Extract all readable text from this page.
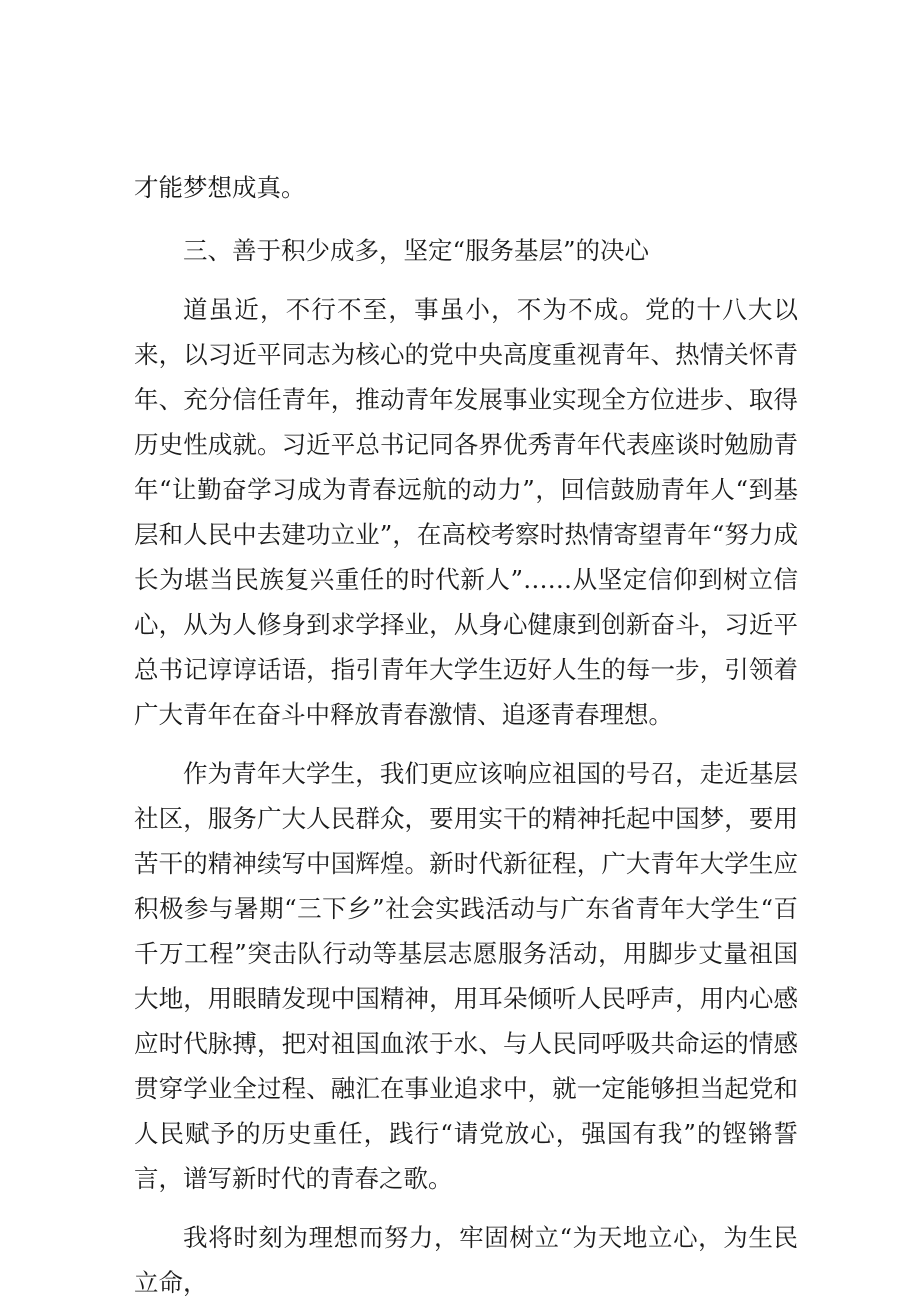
才能梦想成真。

三、善于积少成多，坚定“服务基层”的决心

道虽近，不行不至，事虽小，不为不成。党的十八大以来，以习近平同志为核心的党中央高度重视青年、热情关怀青年、充分信任青年，推动青年发展事业实现全方位进步、取得历史性成就。习近平总书记同各界优秀青年代表座谈时勉励青年“让勤奋学习成为青春远航的动力”，回信鼓励青年人“到基层和人民中去建功立业”，在高校考察时热情寄望青年“努力成长为堪当民族复兴重任的时代新人”……从坚定信仰到树立信心，从为人修身到求学择业，从身心健康到创新奋斗，习近平总书记谆谆话语，指引青年大学生迈好人生的每一步，引领着广大青年在奋斗中释放青春激情、追逐青春理想。

作为青年大学生，我们更应该响应祖国的号召，走近基层社区，服务广大人民群众，要用实干的精神托起中国梦，要用苦干的精神续写中国辉煌。新时代新征程，广大青年大学生应积极参与暑期“三下乡”社会实践活动与广东省青年大学生“百千万工程”突击队行动等基层志愿服务活动，用脚步丈量祖国大地，用眼睛发现中国精神，用耳朵倾听人民呼声，用内心感应时代脉搏，把对祖国血浓于水、与人民同呼吸共命运的情感贯穿学业全过程、融汇在事业追求中，就一定能够担当起党和人民赋予的历史重任，践行“请党放心，强国有我”的铿锵誓言，谱写新时代的青春之歌。

我将时刻为理想而努力，牢固树立“为天地立心，为生民立命，
